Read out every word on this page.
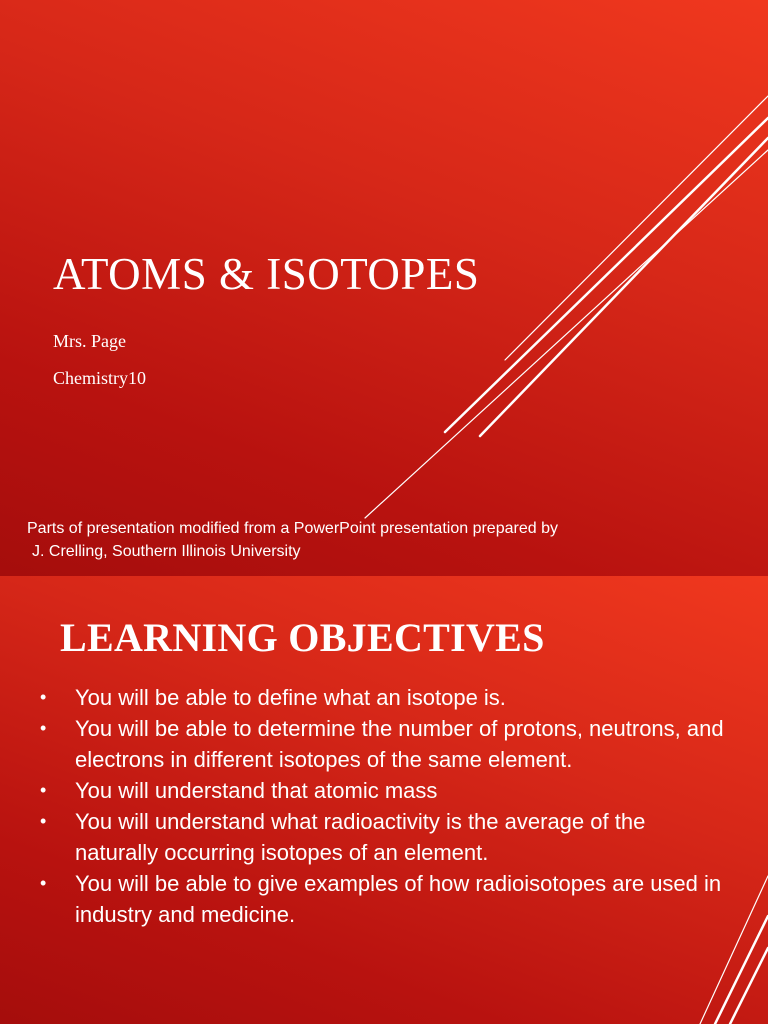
ATOMS & ISOTOPES

Mrs. Page

Chemistry10

Parts of presentation modified from a PowerPoint presentation prepared by
J. Crelling, Southern Illinois University

LEARNING OBJECTIVES
• You will be able to define what an isotope is.
• You will be able to determine the number of protons, neutrons, and electrons in different isotopes of the same element.
• You will understand that atomic mass
• You will understand what radioactivity is the average of the naturally occurring isotopes of an element.
• You will be able to give examples of how radioisotopes are used in industry and medicine.
